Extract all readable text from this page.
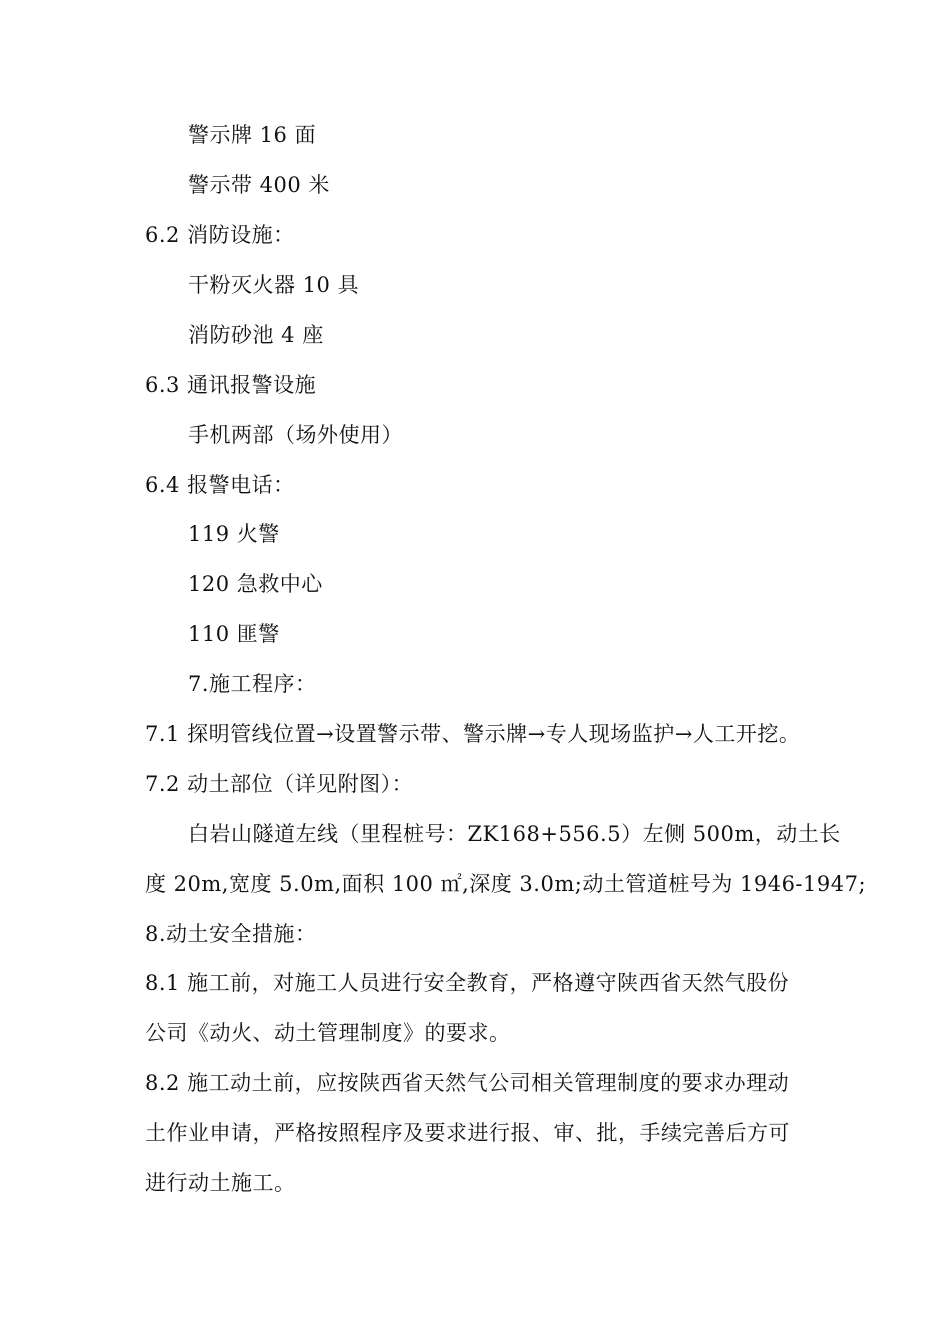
警示牌 16 面
警示带 400 米
6.2 消防设施：
干粉灭火器 10 具
消防砂池 4 座
6.3 通讯报警设施
手机两部（场外使用）
6.4 报警电话：
119 火警
120 急救中心
110 匪警
7.施工程序：
7.1 探明管线位置→设置警示带、警示牌→专人现场监护→人工开挖。
7.2 动土部位（详见附图）：
白岩山隧道左线（里程桩号：ZK168+556.5）左侧 500m，动土长
度 20m,宽度 5.0m,面积 100 ㎡,深度 3.0m;动土管道桩号为 1946-1947;
8.动土安全措施：
8.1 施工前，对施工人员进行安全教育，严格遵守陕西省天然气股份
公司《动火、动土管理制度》的要求。
8.2 施工动土前，应按陕西省天然气公司相关管理制度的要求办理动
土作业申请，严格按照程序及要求进行报、审、批，手续完善后方可
进行动土施工。
